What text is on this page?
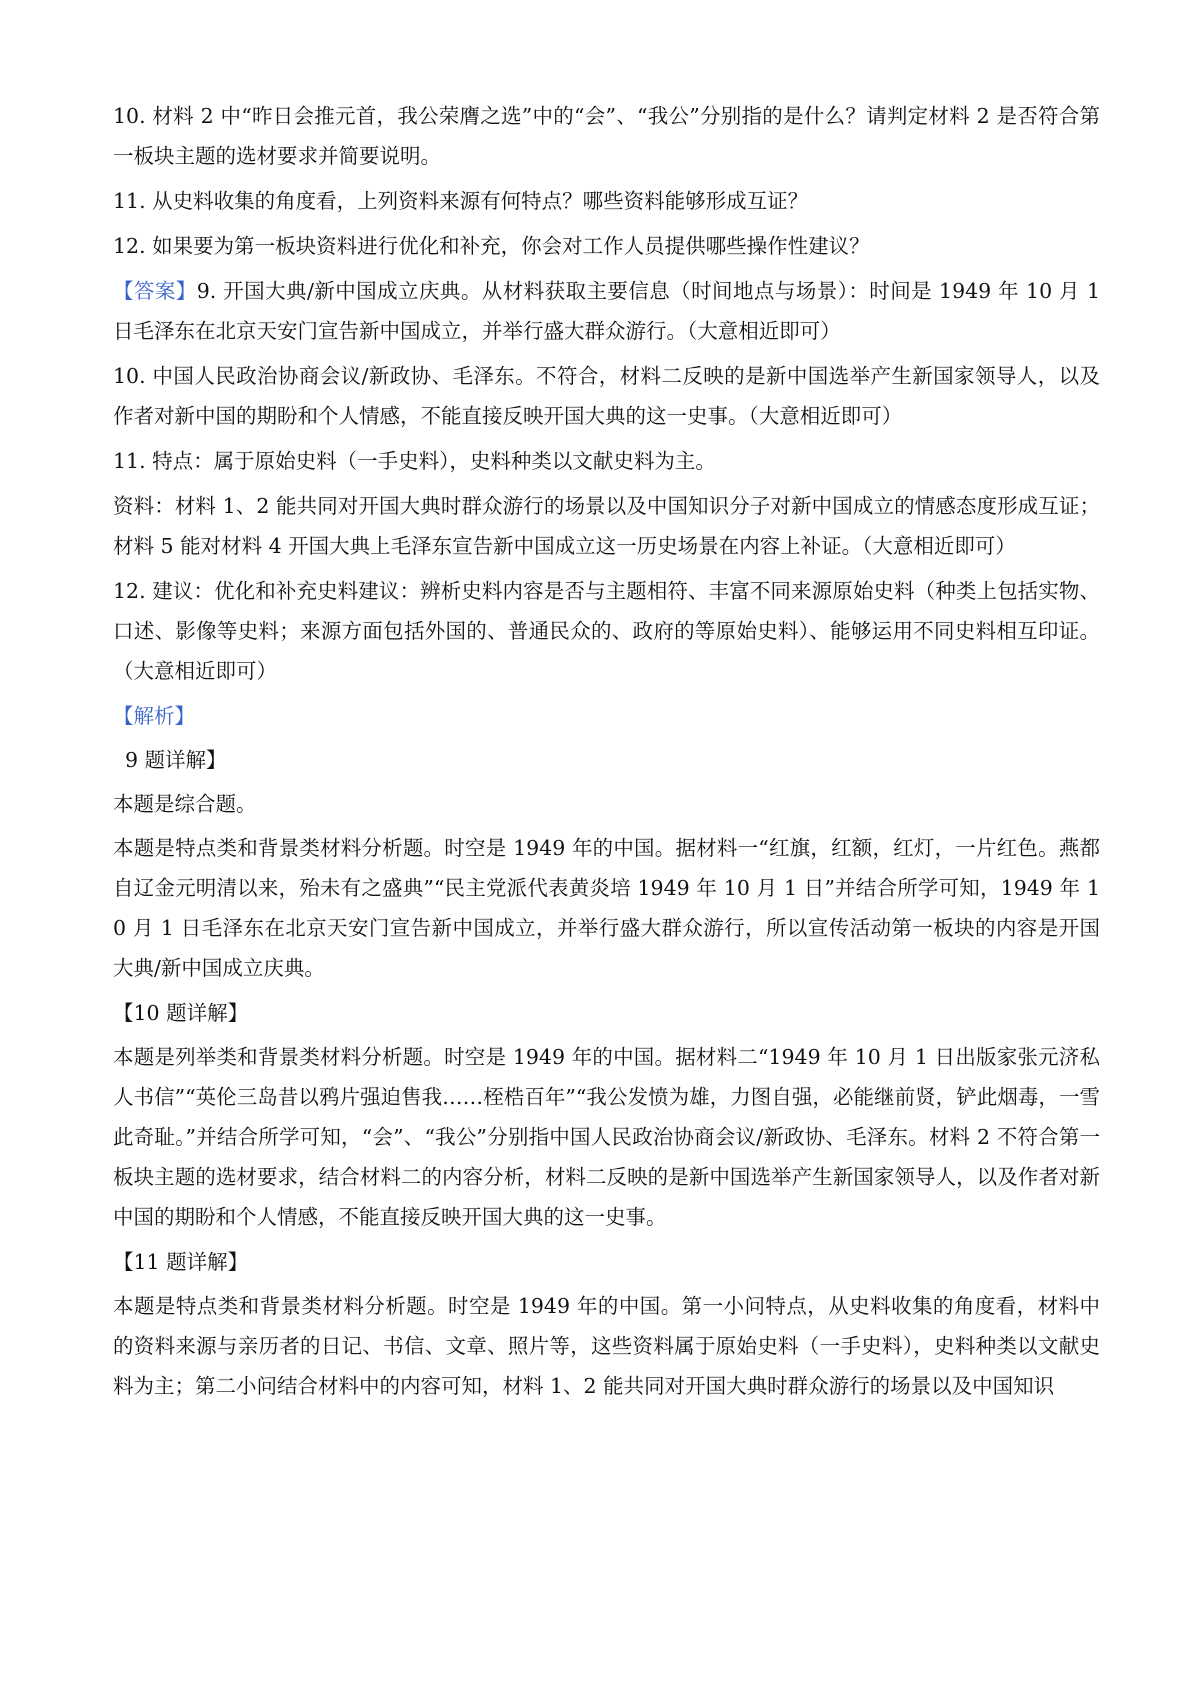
10. 材料 2 中“昨日会推元首，我公荣膺之选”中的“会”、“我公”分别指的是什么？请判定材料 2 是否符合第一板块主题的选材要求并简要说明。

11. 从史料收集的角度看，上列资料来源有何特点？哪些资料能够形成互证？

12. 如果要为第一板块资料进行优化和补充，你会对工作人员提供哪些操作性建议？

【答案】9. 开国大典/新中国成立庆典。从材料获取主要信息（时间地点与场景）：时间是 1949 年 10 月 1 日毛泽东在北京天安门宣告新中国成立，并举行盛大群众游行。（大意相近即可）

10. 中国人民政治协商会议/新政协、毛泽东。不符合，材料二反映的是新中国选举产生新国家领导人，以及作者对新中国的期盼和个人情感，不能直接反映开国大典的这一史事。（大意相近即可）

11. 特点：属于原始史料（一手史料），史料种类以文献史料为主。

资料：材料 1、2 能共同对开国大典时群众游行的场景以及中国知识分子对新中国成立的情感态度形成互证；材料 5 能对材料 4 开国大典上毛泽东宣告新中国成立这一历史场景在内容上补证。（大意相近即可）

12. 建议：优化和补充史料建议：辨析史料内容是否与主题相符、丰富不同来源原始史料（种类上包括实物、口述、影像等史料；来源方面包括外国的、普通民众的、政府的等原始史料）、能够运用不同史料相互印证。（大意相近即可）

【解析】

9 题详解】

本题是综合题。

本题是特点类和背景类材料分析题。时空是 1949 年的中国。据材料一“红旗，红额，红灯，一片红色。燕都自辽金元明清以来，殆未有之盛典”“民主党派代表黄炎培 1949 年 10 月 1 日”并结合所学可知，1949 年 10 月 1 日毛泽东在北京天安门宣告新中国成立，并举行盛大群众游行，所以宣传活动第一板块的内容是开国大典/新中国成立庆典。

【10 题详解】

本题是列举类和背景类材料分析题。时空是 1949 年的中国。据材料二“1949 年 10 月 1 日出版家张元济私人书信”“英伦三岛昔以鸦片强迫售我……桎梏百年”“我公发愤为雄，力图自强，必能继前贤，铲此烟毒，一雪此奇耻。”并结合所学可知，“会”、“我公”分别指中国人民政治协商会议/新政协、毛泽东。材料 2 不符合第一板块主题的选材要求，结合材料二的内容分析，材料二反映的是新中国选举产生新国家领导人，以及作者对新中国的期盼和个人情感，不能直接反映开国大典的这一史事。

【11 题详解】

本题是特点类和背景类材料分析题。时空是 1949 年的中国。第一小问特点，从史料收集的角度看，材料中的资料来源与亲历者的日记、书信、文章、照片等，这些资料属于原始史料（一手史料），史料种类以文献史料为主；第二小问结合材料中的内容可知，材料 1、2 能共同对开国大典时群众游行的场景以及中国知识
